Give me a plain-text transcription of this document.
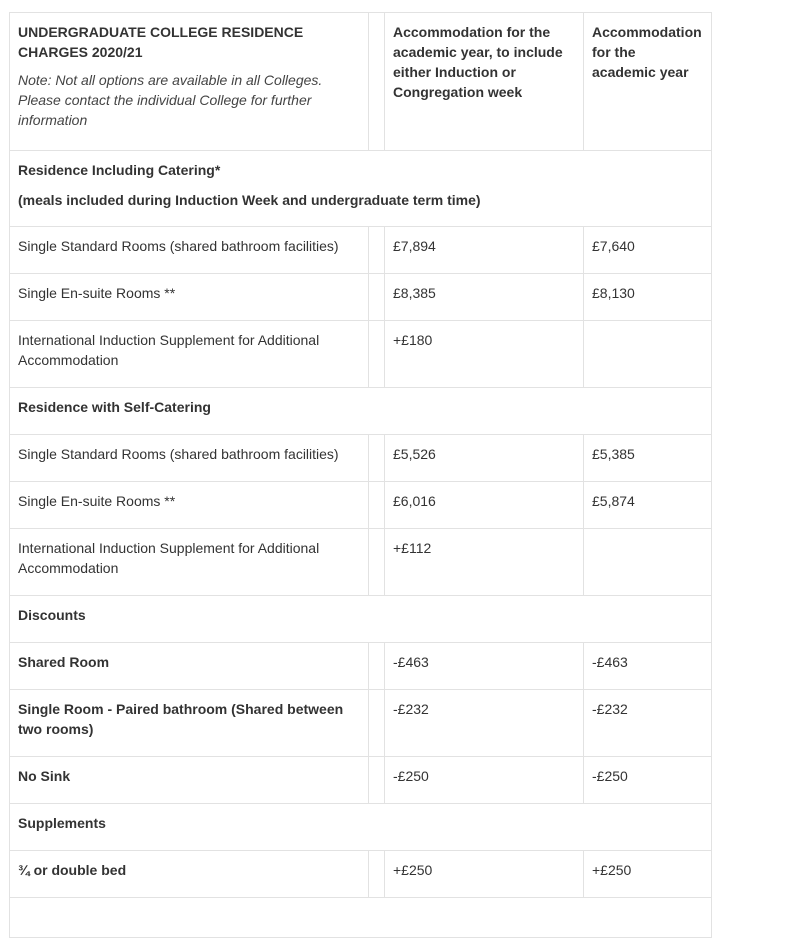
UNDERGRADUATE COLLEGE RESIDENCE CHARGES 2020/21
Note: Not all options are available in all Colleges. Please contact the individual College for further information		Accommodation for the academic year, to include either Induction or Congregation week	Accommodation for the academic year

Residence Including Catering*
(meals included during Induction Week and undergraduate term time)			

Single Standard Rooms (shared bathroom facilities)		£7,894	£7,640
Single En-suite Rooms **		£8,385	£8,130
International Induction Supplement for Additional Accommodation		+£180	
Residence with Self-Catering			
Single Standard Rooms (shared bathroom facilities)		£5,526	£5,385
Single En-suite Rooms **		£6,016	£5,874
International Induction Supplement for Additional Accommodation		+£112	
Discounts			
Shared Room		-£463	-£463
Single Room - Paired bathroom (Shared between two rooms)		-£232	-£232
No Sink		-£250	-£250
Supplements			
¾ or double bed		+£250	+£250
